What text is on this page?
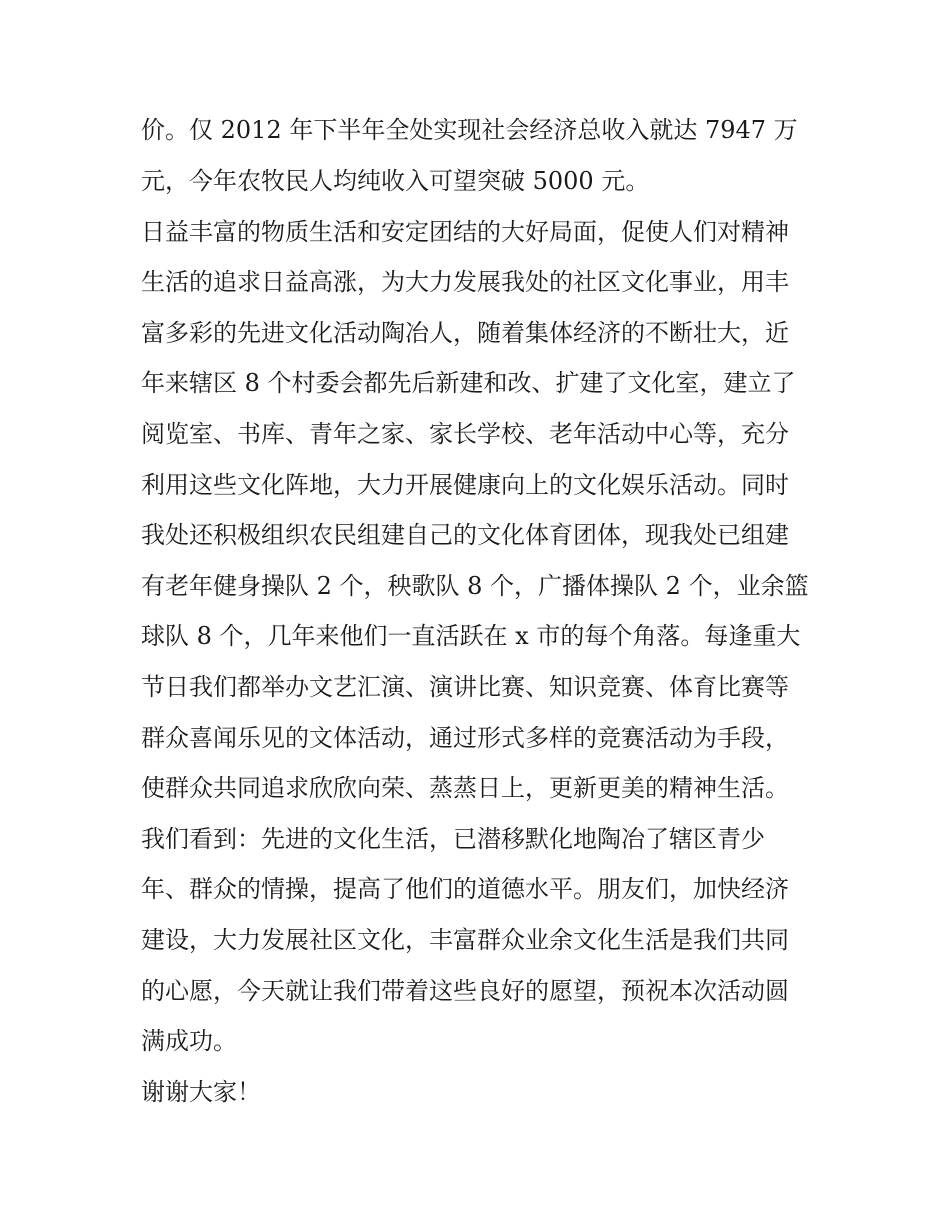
价。仅 2012 年下半年全处实现社会经济总收入就达 7947 万
元，今年农牧民人均纯收入可望突破 5000 元。
日益丰富的物质生活和安定团结的大好局面，促使人们对精神
生活的追求日益高涨，为大力发展我处的社区文化事业，用丰
富多彩的先进文化活动陶冶人，随着集体经济的不断壮大，近
年来辖区 8 个村委会都先后新建和改、扩建了文化室，建立了
阅览室、书库、青年之家、家长学校、老年活动中心等，充分
利用这些文化阵地，大力开展健康向上的文化娱乐活动。同时
我处还积极组织农民组建自己的文化体育团体，现我处已组建
有老年健身操队 2 个，秧歌队 8 个，广播体操队 2 个，业余篮
球队 8 个，几年来他们一直活跃在 x 市的每个角落。每逢重大
节日我们都举办文艺汇演、演讲比赛、知识竞赛、体育比赛等
群众喜闻乐见的文体活动，通过形式多样的竞赛活动为手段，
使群众共同追求欣欣向荣、蒸蒸日上，更新更美的精神生活。
我们看到：先进的文化生活，已潜移默化地陶冶了辖区青少
年、群众的情操，提高了他们的道德水平。朋友们，加快经济
建设，大力发展社区文化，丰富群众业余文化生活是我们共同
的心愿，今天就让我们带着这些良好的愿望，预祝本次活动圆
满成功。
谢谢大家！
